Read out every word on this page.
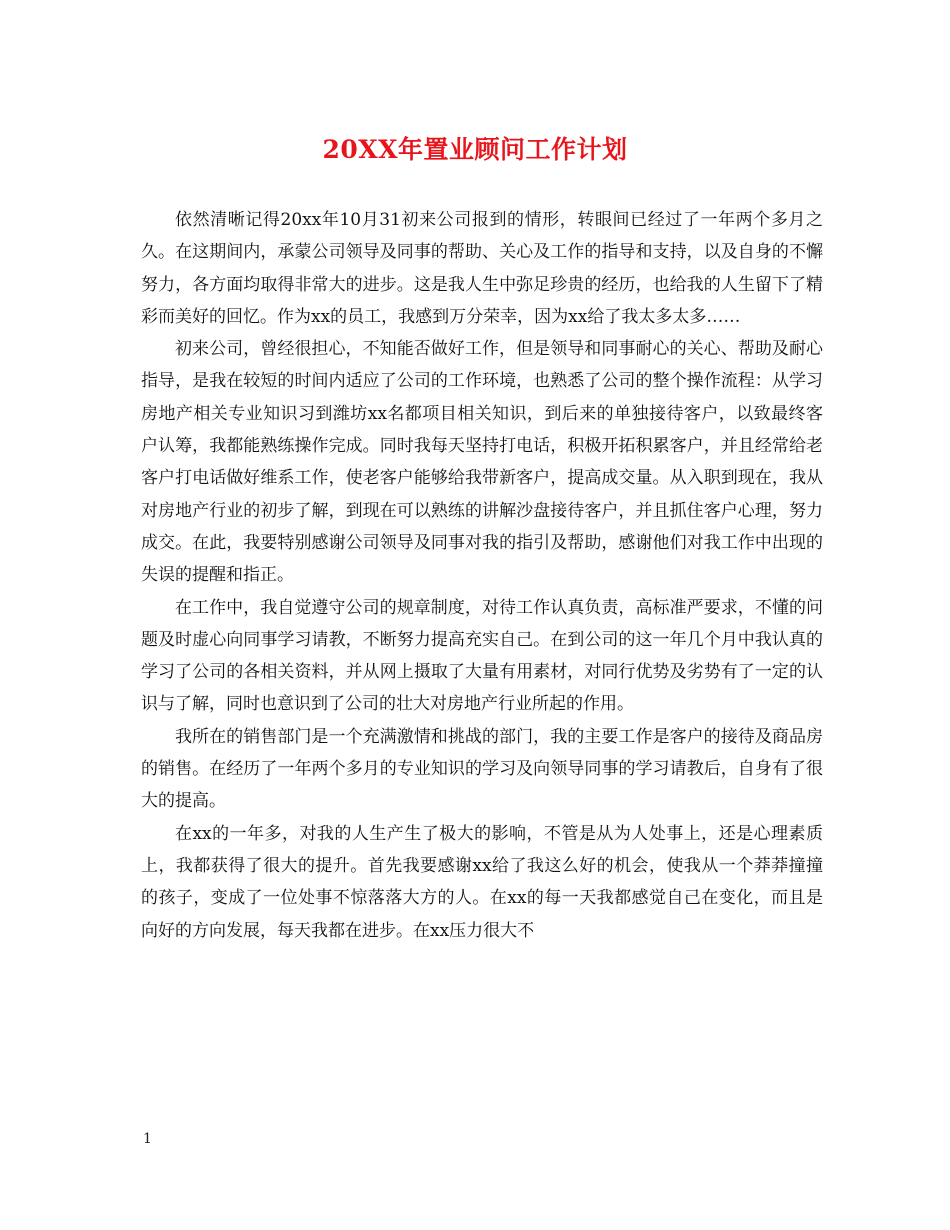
20XX年置业顾问工作计划

依然清晰记得20xx年10月31初来公司报到的情形，转眼间已经过了一年两个多月之久。在这期间内，承蒙公司领导及同事的帮助、关心及工作的指导和支持，以及自身的不懈努力，各方面均取得非常大的进步。这是我人生中弥足珍贵的经历，也给我的人生留下了精彩而美好的回忆。作为xx的员工，我感到万分荣幸，因为xx给了我太多太多……

初来公司，曾经很担心，不知能否做好工作，但是领导和同事耐心的关心、帮助及耐心指导，是我在较短的时间内适应了公司的工作环境，也熟悉了公司的整个操作流程：从学习房地产相关专业知识习到潍坊xx名都项目相关知识，到后来的单独接待客户，以致最终客户认筹，我都能熟练操作完成。同时我每天坚持打电话，积极开拓积累客户，并且经常给老客户打电话做好维系工作，使老客户能够给我带新客户，提高成交量。从入职到现在，我从对房地产行业的初步了解，到现在可以熟练的讲解沙盘接待客户，并且抓住客户心理，努力成交。在此，我要特别感谢公司领导及同事对我的指引及帮助，感谢他们对我工作中出现的失误的提醒和指正。

在工作中，我自觉遵守公司的规章制度，对待工作认真负责，高标准严要求，不懂的问题及时虚心向同事学习请教，不断努力提高充实自己。在到公司的这一年几个月中我认真的学习了公司的各相关资料，并从网上摄取了大量有用素材，对同行优势及劣势有了一定的认识与了解，同时也意识到了公司的壮大对房地产行业所起的作用。

我所在的销售部门是一个充满激情和挑战的部门，我的主要工作是客户的接待及商品房的销售。在经历了一年两个多月的专业知识的学习及向领导同事的学习请教后，自身有了很大的提高。

在xx的一年多，对我的人生产生了极大的影响，不管是从为人处事上，还是心理素质上，我都获得了很大的提升。首先我要感谢xx给了我这么好的机会，使我从一个莽莽撞撞的孩子，变成了一位处事不惊落落大方的人。在xx的每一天我都感觉自己在变化，而且是向好的方向发展，每天我都在进步。在xx压力很大不

1
